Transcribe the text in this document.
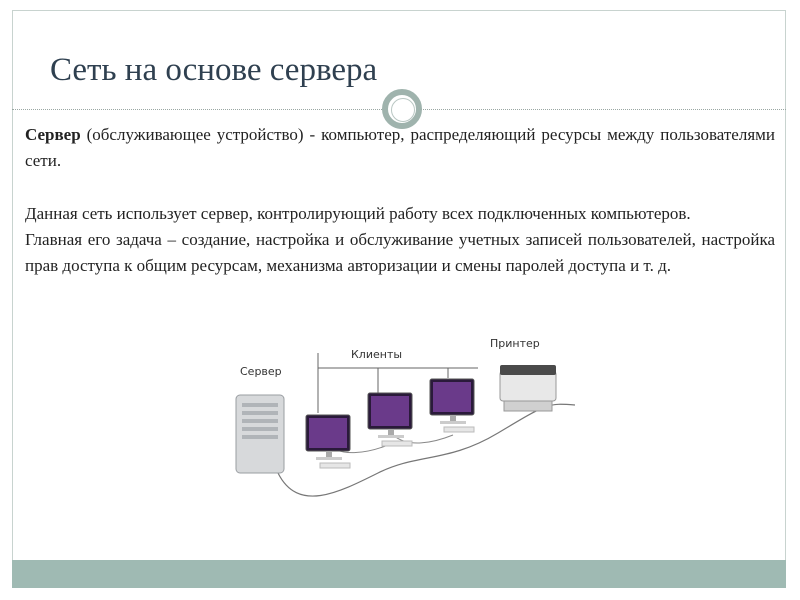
Сеть на основе сервера
Сервер (обслуживающее устройство) - компьютер, распределяющий ресурсы между пользователями сети.
Данная сеть использует сервер, контролирующий работу всех подключенных компьютеров.
Главная его задача – создание, настройка и обслуживание учетных записей пользователей, настройка прав доступа к общим ресурсам, механизма авторизации и смены паролей доступа и т. д.
Сервер
Клиенты
Принтер
